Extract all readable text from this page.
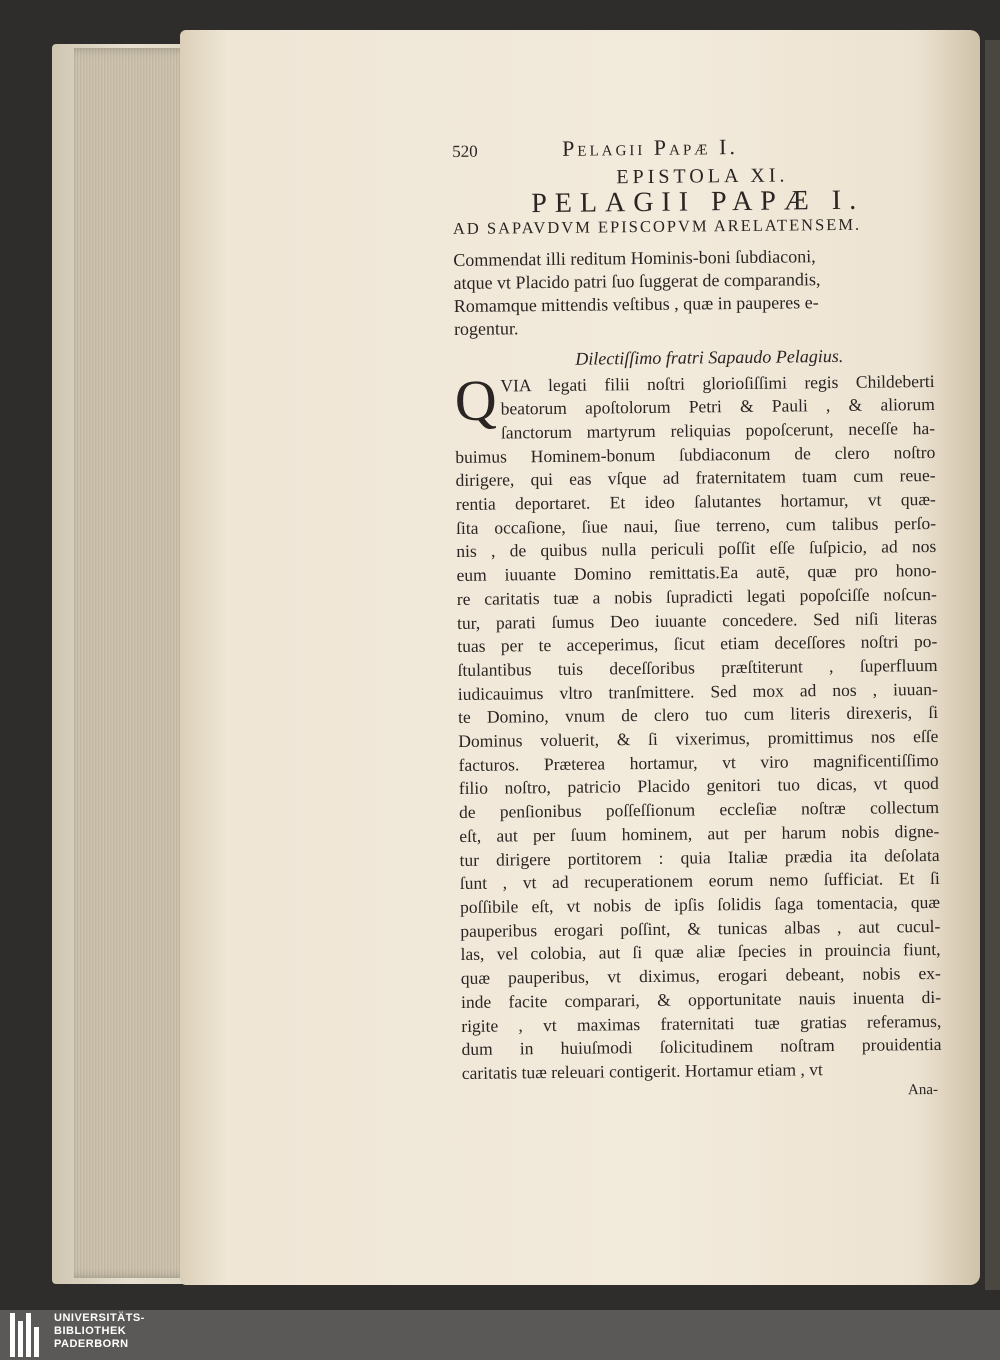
520	Pelagii Papæ I.
EPISTOLA XI.
PELAGII PAPÆ I.
AD SAPAVDVM EPISCOPVM ARELATENSEM.
Commendat illi reditum Hominis-boni ſubdiaconi,
atque vt Placido patri ſuo ſuggerat de comparandis,
Romamque mittendis veſtibus , quæ in pauperes e-
rogentur.
Dilectiſſimo fratri Sapaudo Pelagius.
Q VIA legati filii noſtri glorioſiſſimi regis Childeberti
beatorum apoſtolorum Petri & Pauli , & aliorum
ſanctorum martyrum reliquias popoſcerunt, neceſſe ha-
buimus Hominem-bonum ſubdiaconum de clero noſtro
dirigere, qui eas vſque ad fraternitatem tuam cum reue-
rentia deportaret. Et ideo ſalutantes hortamur, vt quæ-
ſita occaſione, ſiue naui, ſiue terreno, cum talibus perſo-
nis , de quibus nulla periculi poſſit eſſe ſuſpicio, ad nos
eum iuuante Domino remittatis.Ea autē, quæ pro hono-
re caritatis tuæ a nobis ſupradicti legati popoſciſſe noſcun-
tur, parati ſumus Deo iuuante concedere. Sed niſi literas
tuas per te acceperimus, ſicut etiam deceſſores noſtri po-
ſtulantibus tuis deceſſoribus præſtiterunt , ſuperfluum
iudicauimus vltro tranſmittere. Sed mox ad nos , iuuan-
te Domino, vnum de clero tuo cum literis direxeris, ſi
Dominus voluerit, & ſi vixerimus, promittimus nos eſſe
facturos. Præterea hortamur, vt viro magnificentiſſimo
filio noſtro, patricio Placido genitori tuo dicas, vt quod
de penſionibus poſſeſſionum eccleſiæ noſtræ collectum
eſt, aut per ſuum hominem, aut per harum nobis digne-
tur dirigere portitorem : quia Italiæ prædia ita deſolata
ſunt , vt ad recuperationem eorum nemo ſufficiat. Et ſi
poſſibile eſt, vt nobis de ipſis ſolidis ſaga tomentacia, quæ
pauperibus erogari poſſint, & tunicas albas , aut cucul-
las, vel colobia, aut ſi quæ aliæ ſpecies in prouincia fiunt,
quæ pauperibus, vt diximus, erogari debeant, nobis ex-
inde facite comparari, & opportunitate nauis inuenta di-
rigite , vt maximas fraternitati tuæ gratias referamus,
dum in huiuſmodi ſolicitudinem noſtram prouidentia
caritatis tuæ releuari contigerit. Hortamur etiam , vt
Ana-
UNIVERSITÄTS-
BIBLIOTHEK
PADERBORN
